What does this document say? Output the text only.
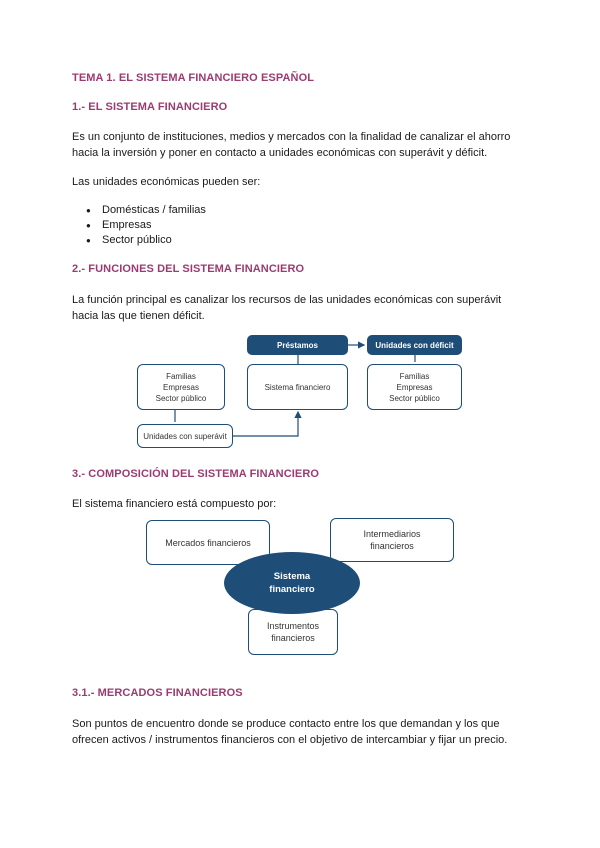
TEMA 1. EL SISTEMA FINANCIERO ESPAÑOL
1.- EL SISTEMA FINANCIERO
Es un conjunto de instituciones, medios y mercados con la finalidad de canalizar el ahorro
hacia la inversión y poner en contacto a unidades económicas con superávit y déficit.
Las unidades económicas pueden ser:
● Domésticas / familias
● Empresas
● Sector público
2.- FUNCIONES DEL SISTEMA FINANCIERO
La función principal es canalizar los recursos de las unidades económicas con superávit
hacia las que tienen déficit.
Préstamos	Unidades con déficit
Familias
Empresas
Sector público
Sistema financiero
Familias
Empresas
Sector público
Unidades con superávit
3.- COMPOSICIÓN DEL SISTEMA FINANCIERO
El sistema financiero está compuesto por:
Mercados financieros
Intermediarios
financieros
Instrumentos
financieros
Sistema
financiero
3.1.- MERCADOS FINANCIEROS
Son puntos de encuentro donde se produce contacto entre los que demandan y los que
ofrecen activos / instrumentos financieros con el objetivo de intercambiar y fijar un precio.
